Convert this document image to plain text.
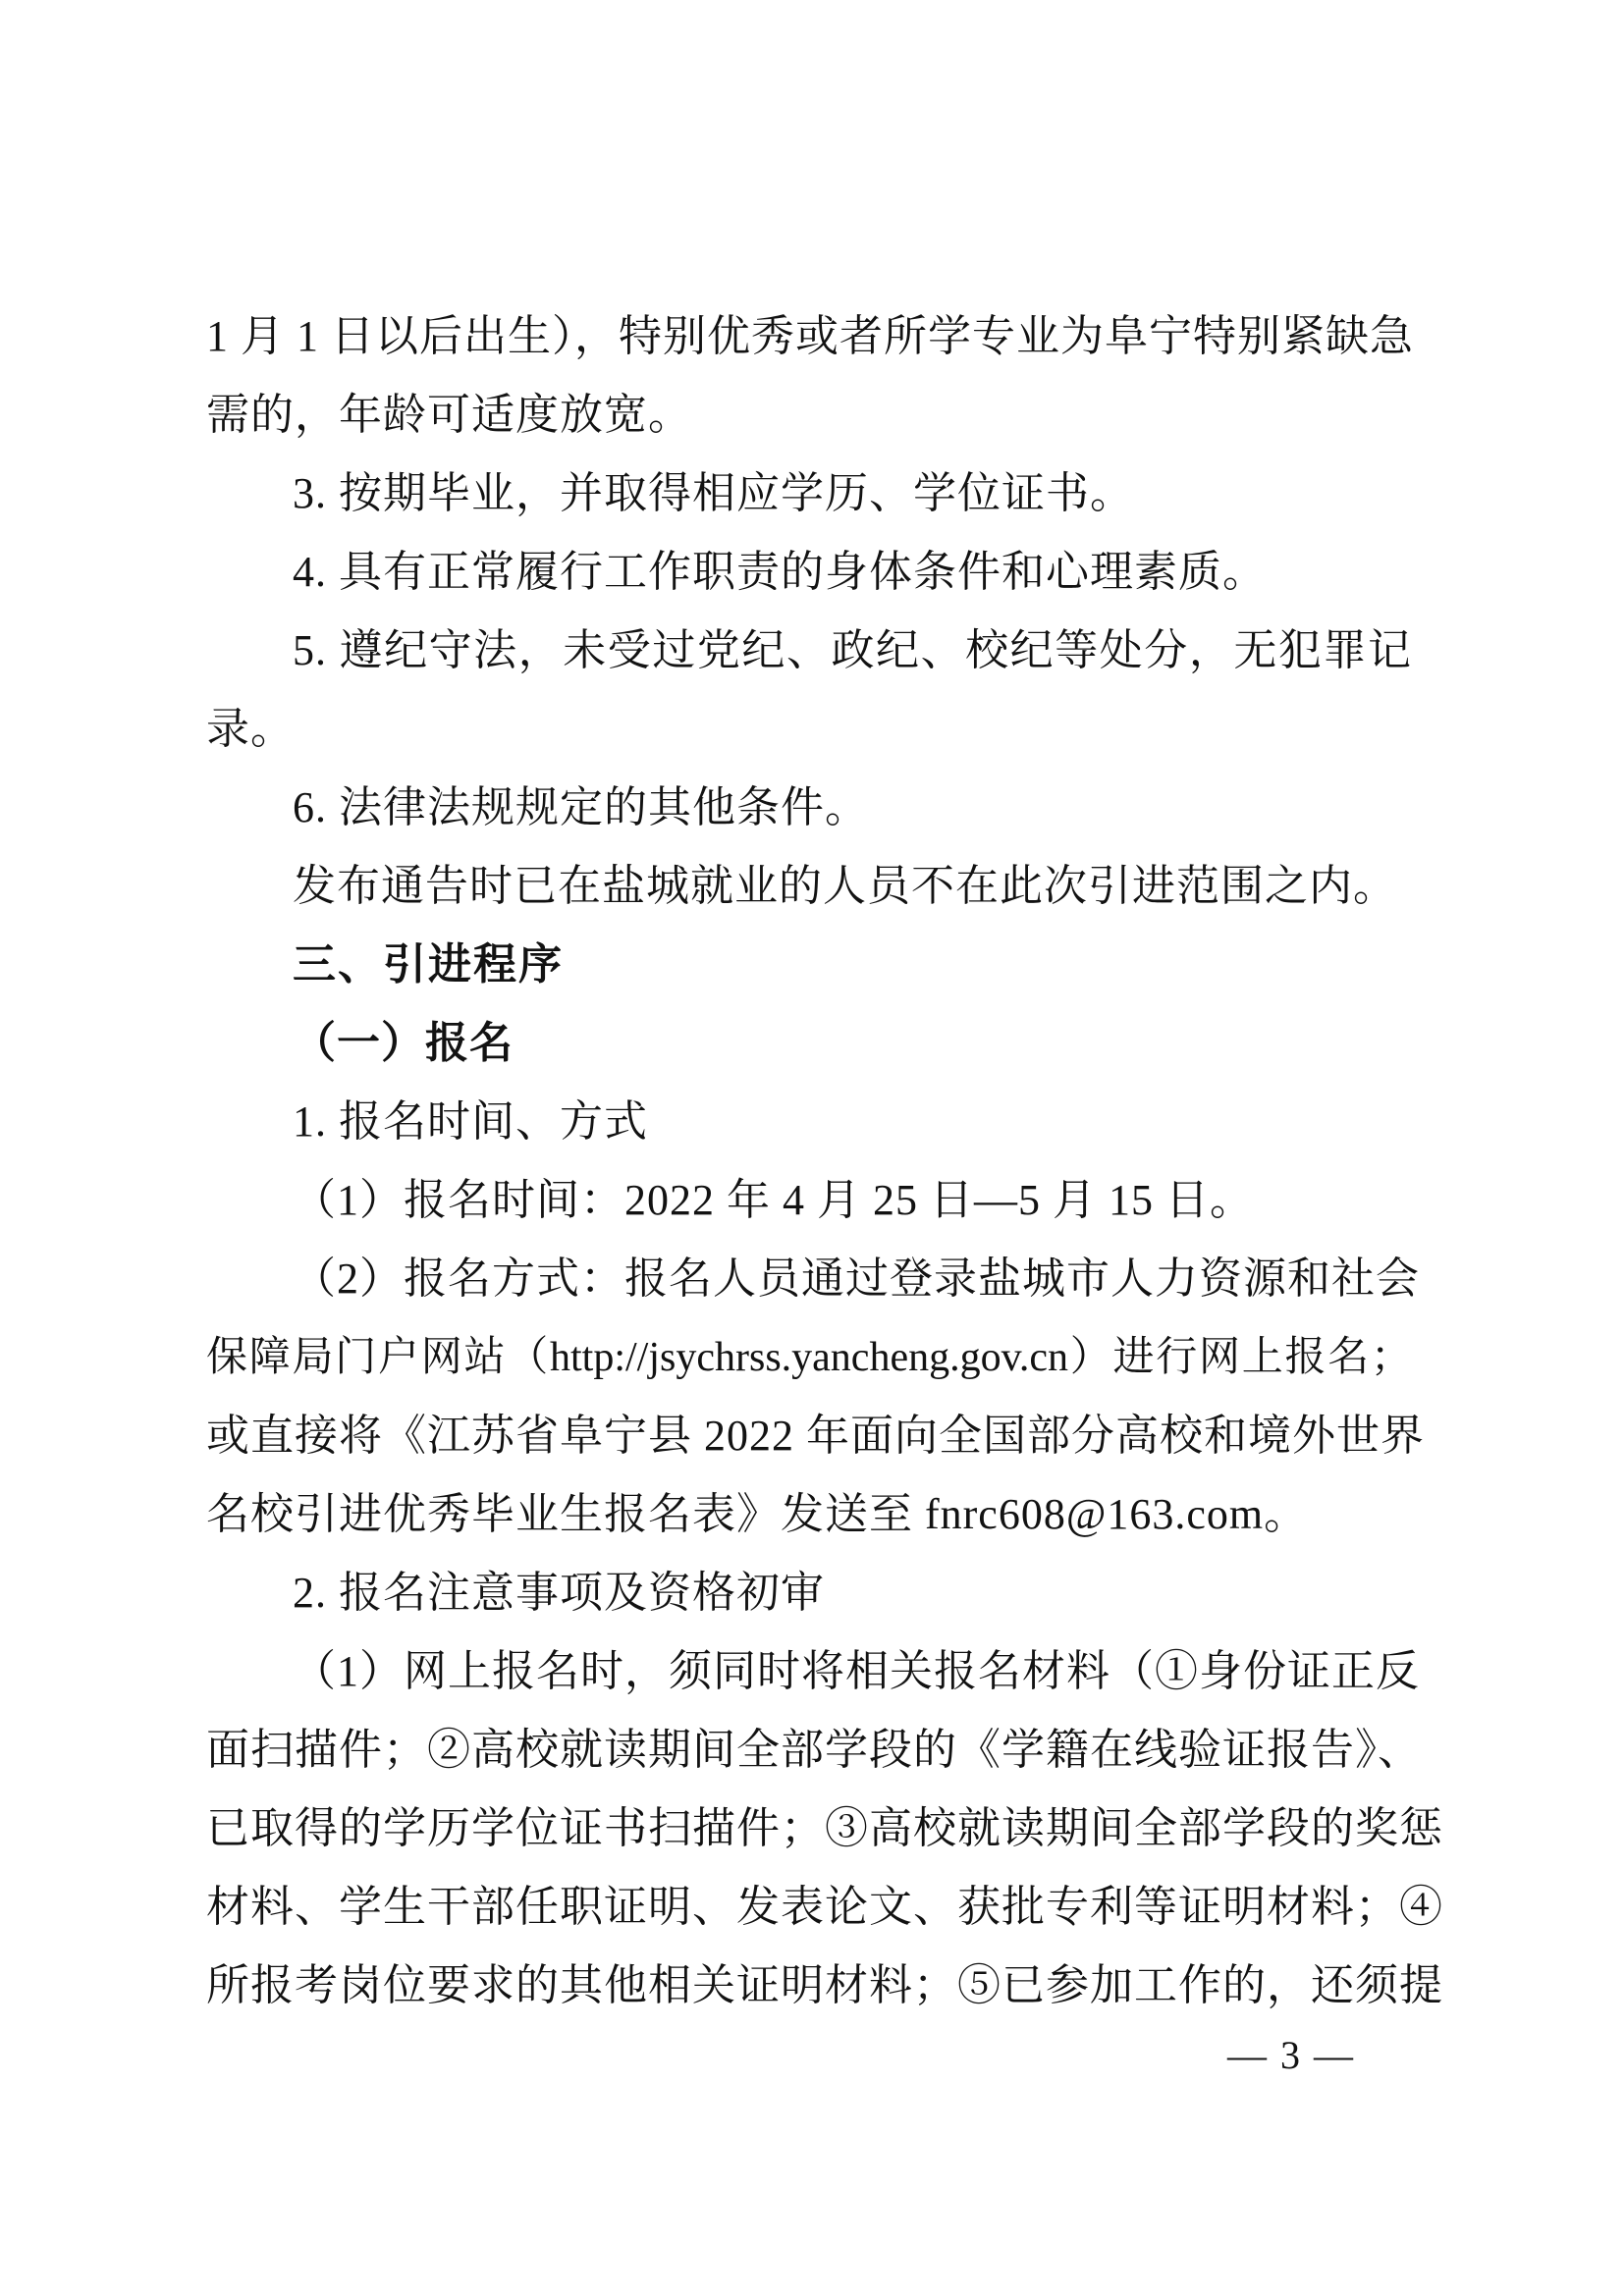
1 月 1 日以后出生），特别优秀或者所学专业为阜宁特别紧缺急
需的，年龄可适度放宽。
3. 按期毕业，并取得相应学历、学位证书。
4. 具有正常履行工作职责的身体条件和心理素质。
5. 遵纪守法，未受过党纪、政纪、校纪等处分，无犯罪记
录。
6. 法律法规规定的其他条件。
发布通告时已在盐城就业的人员不在此次引进范围之内。
三、引进程序
（一）报名
1. 报名时间、方式
（1）报名时间：2022 年 4 月 25 日—5 月 15 日。
（2）报名方式：报名人员通过登录盐城市人力资源和社会
保障局门户网站（http://jsychrss.yancheng.gov.cn）进行网上报名；
或直接将《江苏省阜宁县 2022 年面向全国部分高校和境外世界
名校引进优秀毕业生报名表》发送至 fnrc608@163.com。
2. 报名注意事项及资格初审
（1）网上报名时，须同时将相关报名材料（①身份证正反
面扫描件；②高校就读期间全部学段的《学籍在线验证报告》、
已取得的学历学位证书扫描件；③高校就读期间全部学段的奖惩
材料、学生干部任职证明、发表论文、获批专利等证明材料；④
所报考岗位要求的其他相关证明材料；⑤已参加工作的，还须提
— 3 —
